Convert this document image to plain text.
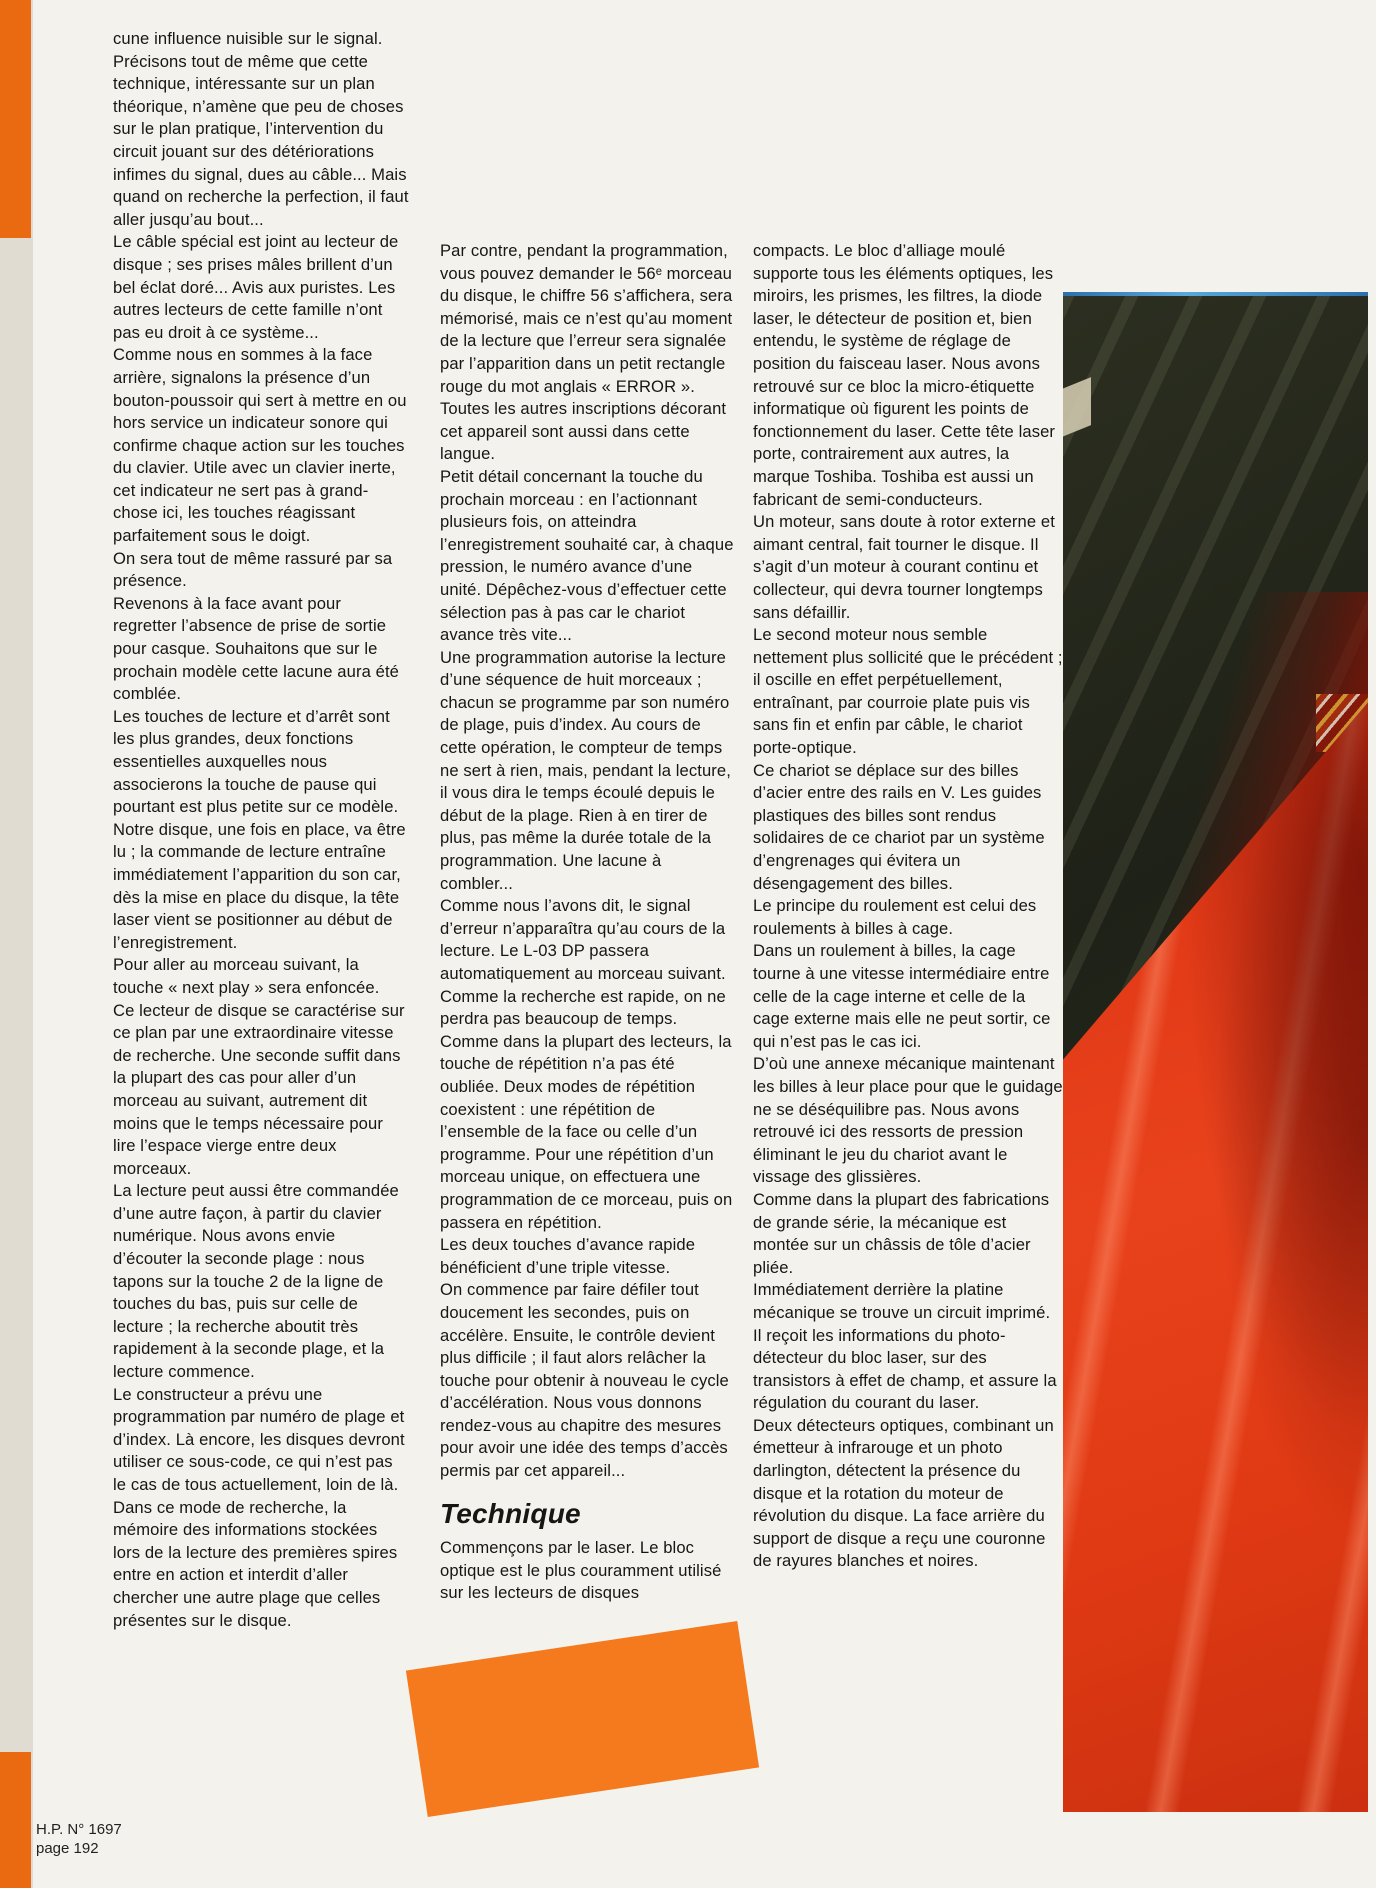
cune influence nuisible sur le signal.

Précisons tout de même que cette technique, intéressante sur un plan théorique, n’amène que peu de choses sur le plan pratique, l’intervention du circuit jouant sur des détériorations infimes du signal, dues au câble... Mais quand on recherche la perfection, il faut aller jusqu’au bout...

Le câble spécial est joint au lecteur de disque ; ses prises mâles brillent d’un bel éclat doré... Avis aux puristes. Les autres lecteurs de cette famille n’ont pas eu droit à ce système...

Comme nous en sommes à la face arrière, signalons la présence d’un bouton-poussoir qui sert à mettre en ou hors service un indicateur sonore qui confirme chaque action sur les touches du clavier. Utile avec un clavier inerte, cet indicateur ne sert pas à grand-chose ici, les touches réagissant parfaitement sous le doigt.

On sera tout de même rassuré par sa présence.

Revenons à la face avant pour regretter l’absence de prise de sortie pour casque. Souhaitons que sur le prochain modèle cette lacune aura été comblée.

Les touches de lecture et d’arrêt sont les plus grandes, deux fonctions essentielles auxquelles nous associerons la touche de pause qui pourtant est plus petite sur ce modèle.

Notre disque, une fois en place, va être lu ; la commande de lecture entraîne immédiatement l’apparition du son car, dès la mise en place du disque, la tête laser vient se positionner au début de l’enregistrement.

Pour aller au morceau suivant, la touche « next play » sera enfoncée.

Ce lecteur de disque se caractérise sur ce plan par une extraordinaire vitesse de recherche. Une seconde suffit dans la plupart des cas pour aller d’un morceau au suivant, autrement dit moins que le temps nécessaire pour lire l’espace vierge entre deux morceaux.

La lecture peut aussi être commandée d’une autre façon, à partir du clavier numérique. Nous avons envie d’écouter la seconde plage : nous tapons sur la touche 2 de la ligne de touches du bas, puis sur celle de lecture ; la recherche aboutit très rapidement à la seconde plage, et la lecture commence.

Le constructeur a prévu une programmation par numéro de plage et d’index. Là encore, les disques devront utiliser ce sous-code, ce qui n’est pas le cas de tous actuellement, loin de là.

Dans ce mode de recherche, la mémoire des informations stockées lors de la lecture des premières spires entre en action et interdit d’aller chercher une autre plage que celles présentes sur le disque.

Par contre, pendant la programmation, vous pouvez demander le 56ᵉ morceau du disque, le chiffre 56 s’affichera, sera mémorisé, mais ce n’est qu’au moment de la lecture que l’erreur sera signalée par l’apparition dans un petit rectangle rouge du mot anglais « ERROR ». Toutes les autres inscriptions décorant cet appareil sont aussi dans cette langue.

Petit détail concernant la touche du prochain morceau : en l’actionnant plusieurs fois, on atteindra l’enregistrement souhaité car, à chaque pression, le numéro avance d’une unité. Dépêchez-vous d’effectuer cette sélection pas à pas car le chariot avance très vite...

Une programmation autorise la lecture d’une séquence de huit morceaux ; chacun se programme par son numéro de plage, puis d’index. Au cours de cette opération, le compteur de temps ne sert à rien, mais, pendant la lecture, il vous dira le temps écoulé depuis le début de la plage. Rien à en tirer de plus, pas même la durée totale de la programmation. Une lacune à combler...

Comme nous l’avons dit, le signal d’erreur n’apparaîtra qu’au cours de la lecture. Le L-03 DP passera automatiquement au morceau suivant. Comme la recherche est rapide, on ne perdra pas beaucoup de temps.

Comme dans la plupart des lecteurs, la touche de répétition n’a pas été oubliée. Deux modes de répétition coexistent : une répétition de l’ensemble de la face ou celle d’un programme. Pour une répétition d’un morceau unique, on effectuera une programmation de ce morceau, puis on passera en répétition.

Les deux touches d’avance rapide bénéficient d’une triple vitesse.

On commence par faire défiler tout doucement les secondes, puis on accélère. Ensuite, le contrôle devient plus difficile ; il faut alors relâcher la touche pour obtenir à nouveau le cycle d’accélération. Nous vous donnons rendez-vous au chapitre des mesures pour avoir une idée des temps d’accès permis par cet appareil...

Technique

Commençons par le laser. Le bloc optique est le plus couramment utilisé sur les lecteurs de disques

compacts. Le bloc d’alliage moulé supporte tous les éléments optiques, les miroirs, les prismes, les filtres, la diode laser, le détecteur de position et, bien entendu, le système de réglage de position du faisceau laser. Nous avons retrouvé sur ce bloc la micro-étiquette informatique où figurent les points de fonctionnement du laser. Cette tête laser porte, contrairement aux autres, la marque Toshiba. Toshiba est aussi un fabricant de semi-conducteurs.

Un moteur, sans doute à rotor externe et aimant central, fait tourner le disque. Il s’agit d’un moteur à courant continu et collecteur, qui devra tourner longtemps sans défaillir.

Le second moteur nous semble nettement plus sollicité que le précédent ; il oscille en effet perpétuellement, entraînant, par courroie plate puis vis sans fin et enfin par câble, le chariot porte-optique.

Ce chariot se déplace sur des billes d’acier entre des rails en V. Les guides plastiques des billes sont rendus solidaires de ce chariot par un système d’engrenages qui évitera un désengagement des billes.

Le principe du roulement est celui des roulements à billes à cage.

Dans un roulement à billes, la cage tourne à une vitesse intermédiaire entre celle de la cage interne et celle de la cage externe mais elle ne peut sortir, ce qui n’est pas le cas ici.

D’où une annexe mécanique maintenant les billes à leur place pour que le guidage ne se déséquilibre pas. Nous avons retrouvé ici des ressorts de pression éliminant le jeu du chariot avant le vissage des glissières.

Comme dans la plupart des fabrications de grande série, la mécanique est montée sur un châssis de tôle d’acier pliée.

Immédiatement derrière la platine mécanique se trouve un circuit imprimé. Il reçoit les informations du photo-détecteur du bloc laser, sur des transistors à effet de champ, et assure la régulation du courant du laser.

Deux détecteurs optiques, combinant un émetteur à infrarouge et un photo darlington, détectent la présence du disque et la rotation du moteur de révolution du disque. La face arrière du support de disque a reçu une couronne de rayures blanches et noires.

H.P. N° 1697
page 192
